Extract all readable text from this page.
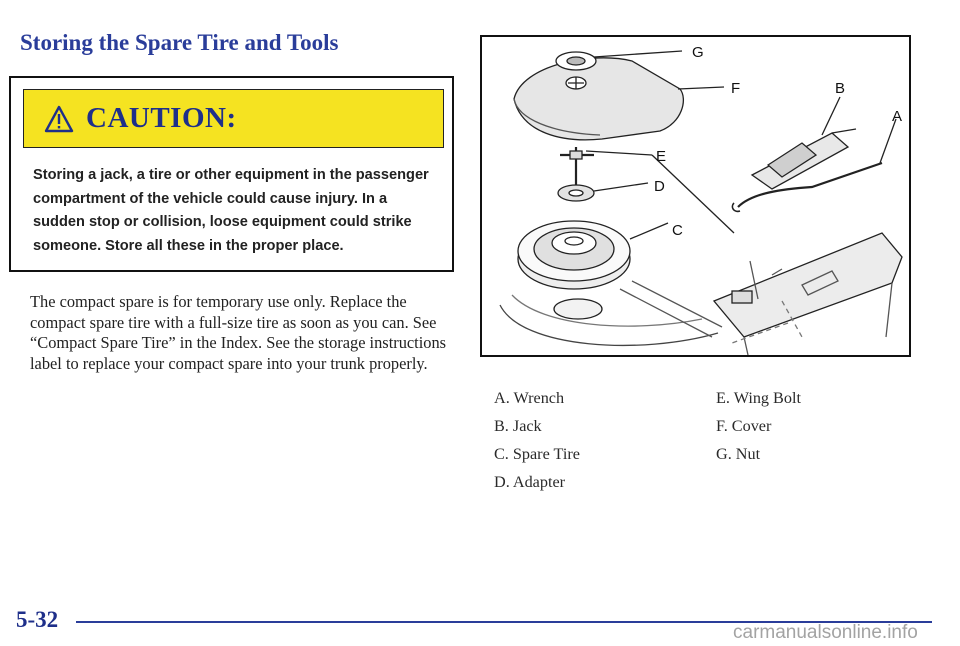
Storing the Spare Tire and Tools
CAUTION:

Storing a jack, a tire or other equipment in the passenger compartment of the vehicle could cause injury. In a sudden stop or collision, loose equipment could strike someone. Store all these in the proper place.

The compact spare is for temporary use only. Replace the compact spare tire with a full-size tire as soon as you can. See “Compact Spare Tire” in the Index. See the storage instructions label to replace your compact spare into your trunk properly.

G
F	B
A
E
D
C
A. Wrench
B. Jack
C. Spare Tire
D. Adapter
E. Wing Bolt
F. Cover
G. Nut
5-32
carmanualsonline.info
